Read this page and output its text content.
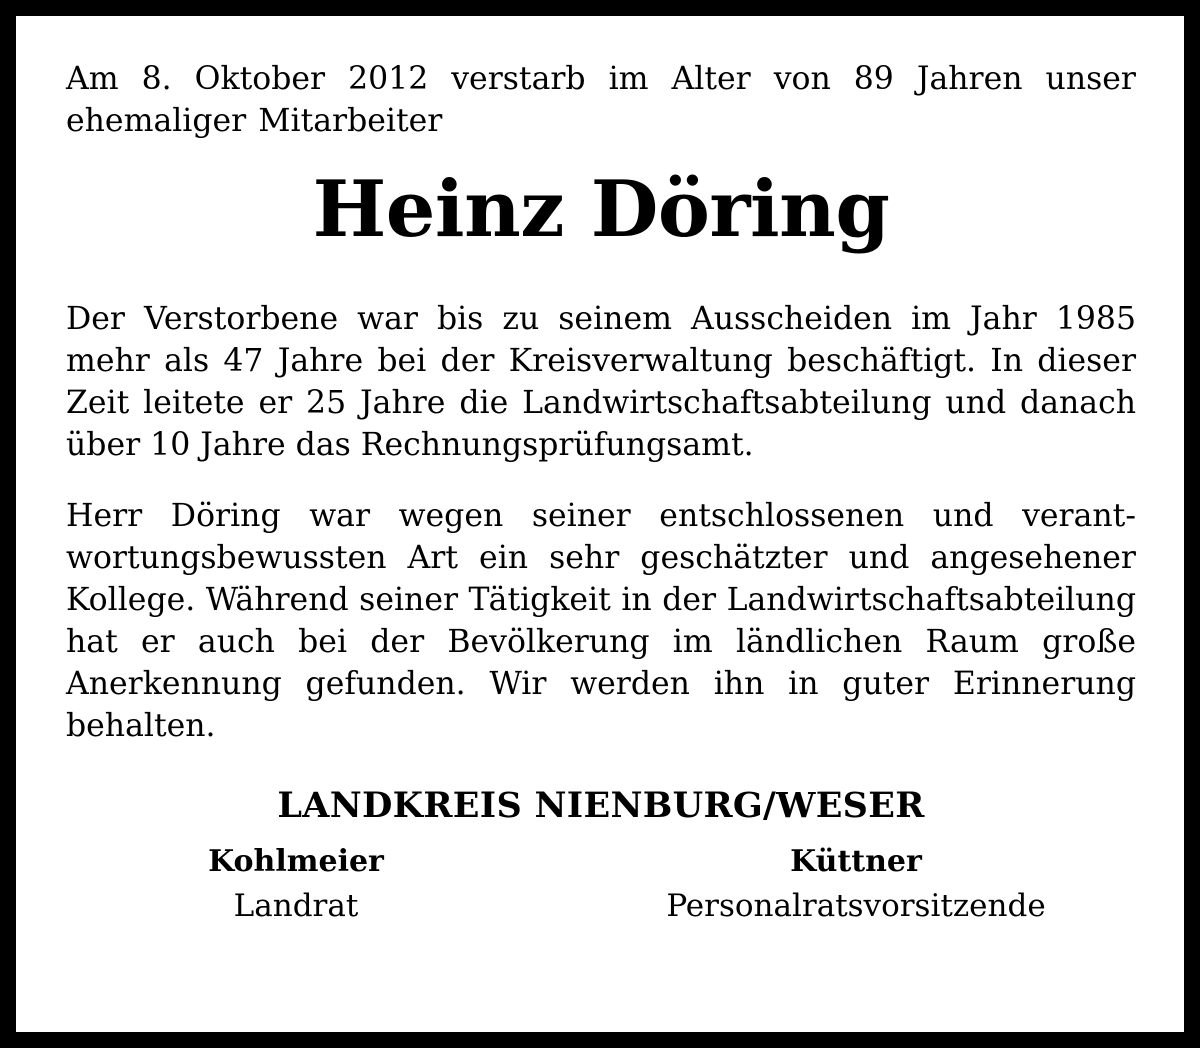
Am 8. Oktober 2012 verstarb im Alter von 89 Jahren unser ehemaliger Mitarbeiter

Heinz Döring

Der Verstorbene war bis zu seinem Ausscheiden im Jahr 1985 mehr als 47 Jahre bei der Kreisverwaltung beschäftigt. In dieser Zeit leitete er 25 Jahre die Landwirtschaftsabteilung und danach über 10 Jahre das Rechnungsprüfungsamt.

Herr Döring war wegen seiner entschlossenen und verantwortungsbewussten Art ein sehr geschätzter und angesehener Kollege. Während seiner Tätigkeit in der Landwirtschaftsabteilung hat er auch bei der Bevölkerung im ländlichen Raum große Anerkennung gefunden. Wir werden ihn in guter Erinnerung behalten.

LANDKREIS NIENBURG/WESER
Kohlmeier
Landrat
Küttner
Personalratsvorsitzende
